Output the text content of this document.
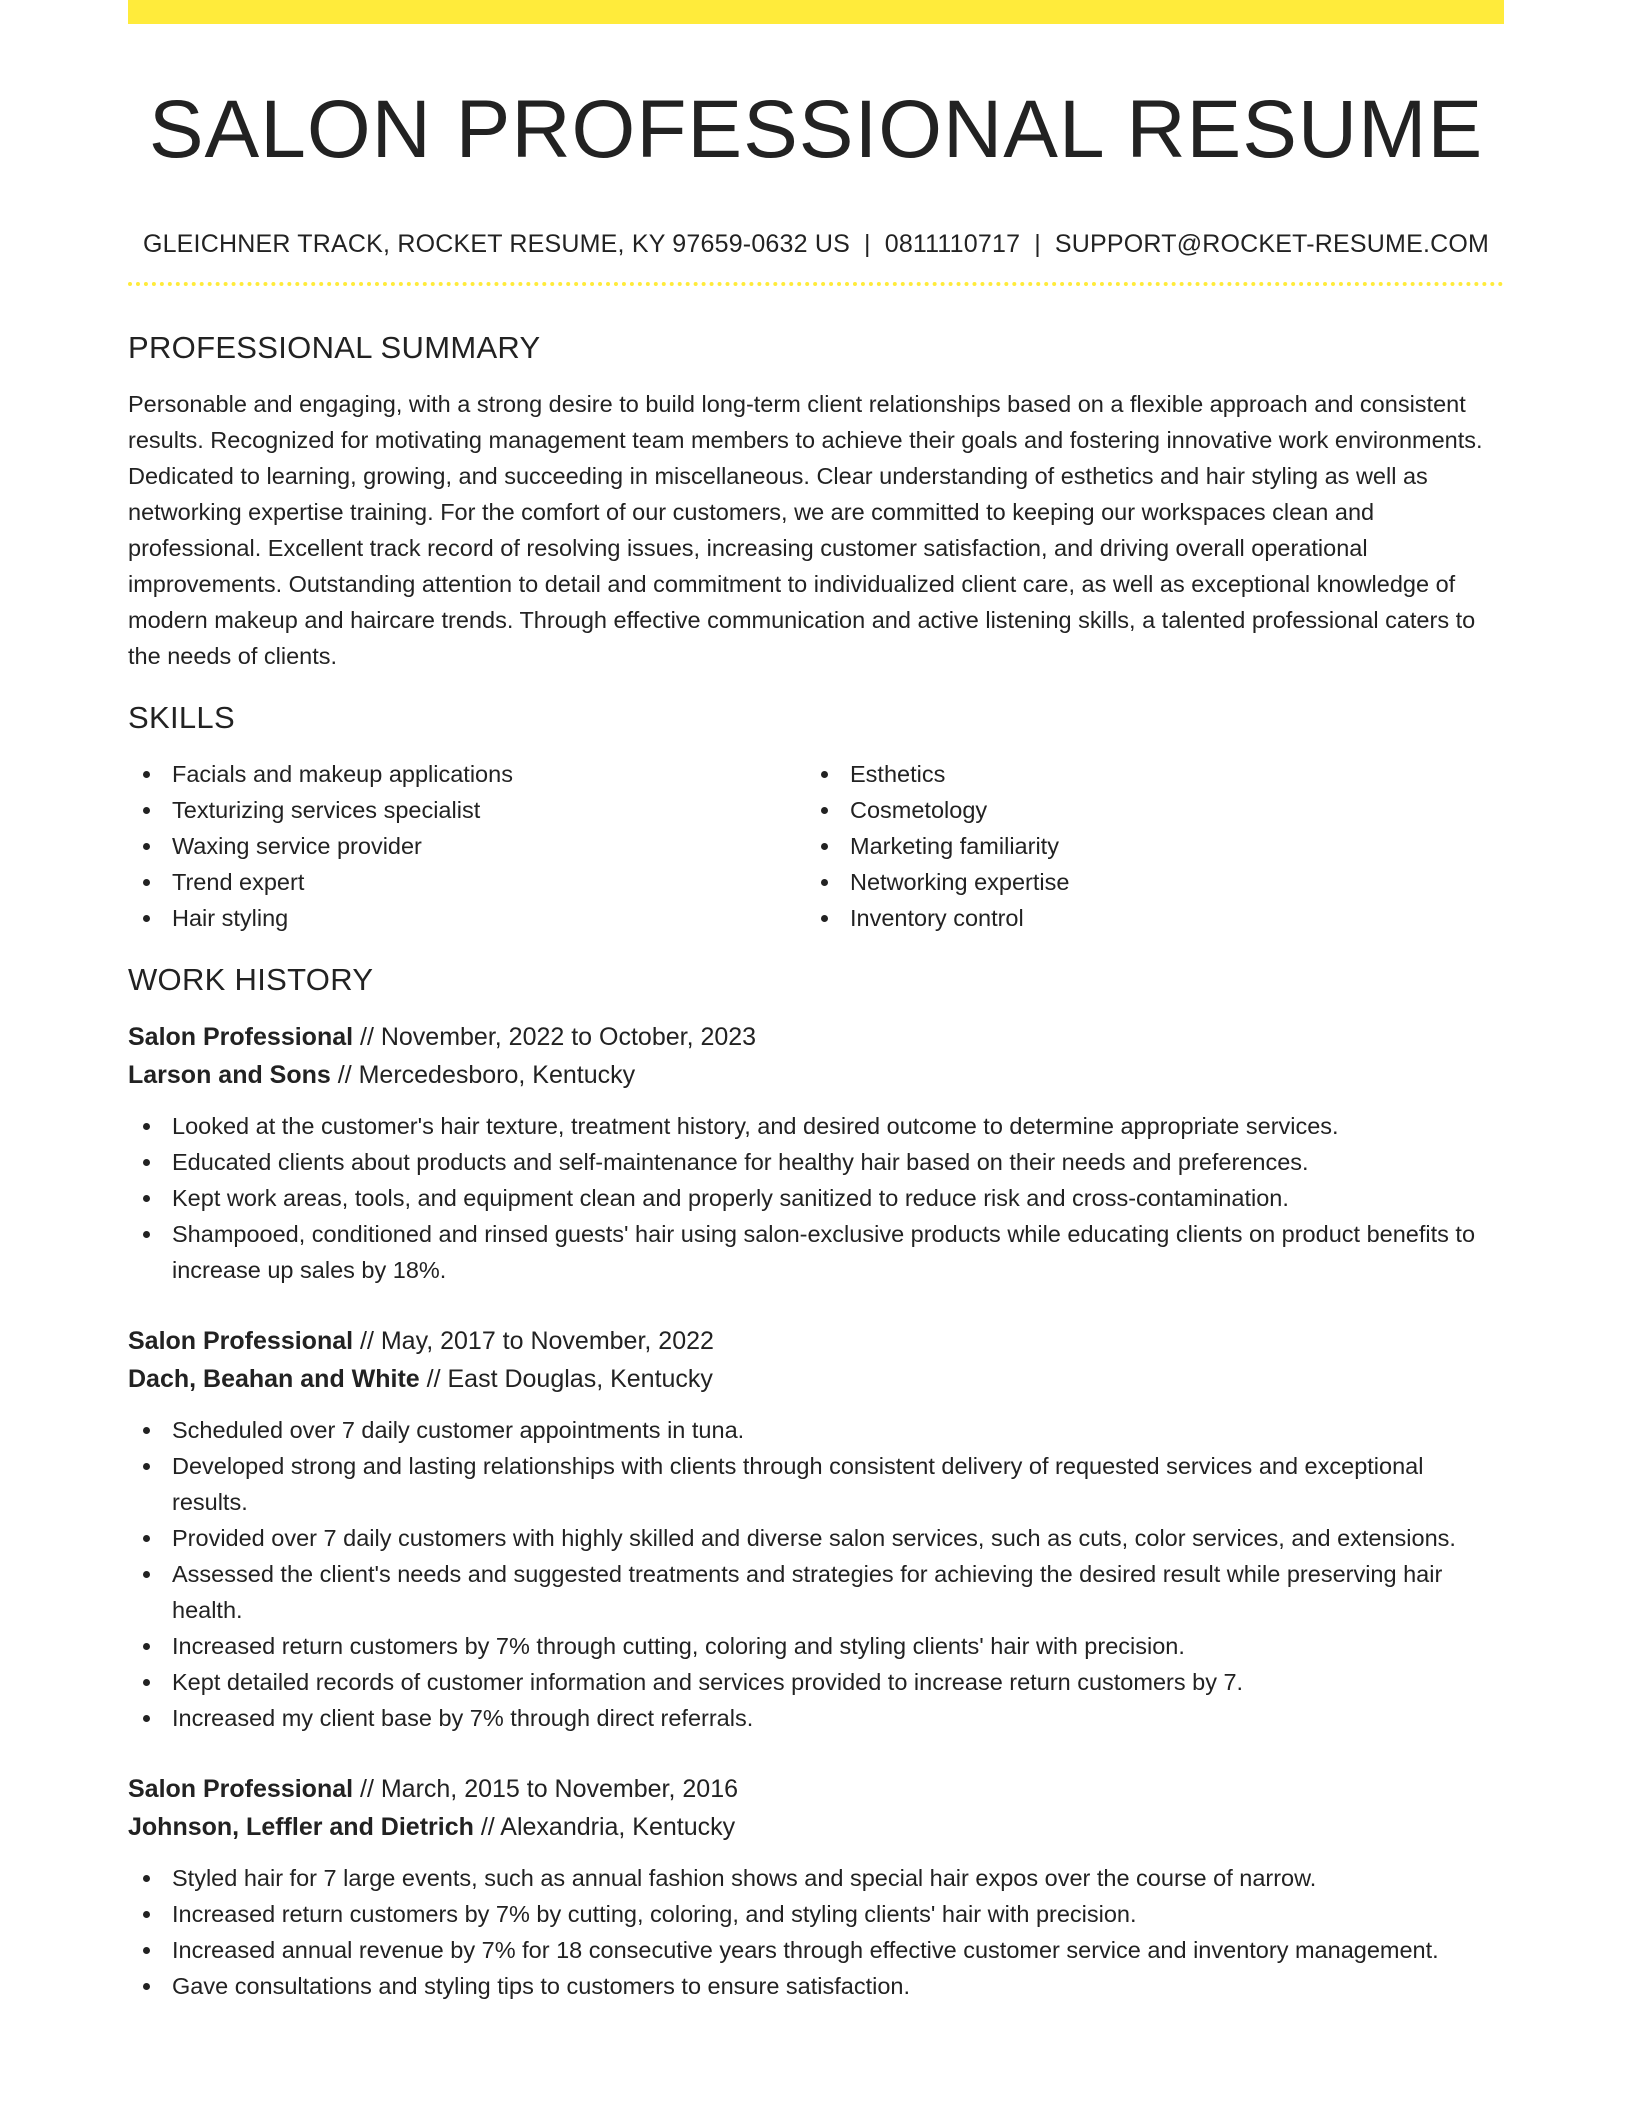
SALON PROFESSIONAL RESUME
GLEICHNER TRACK, ROCKET RESUME, KY 97659-0632 US | 0811110717 | SUPPORT@ROCKET-RESUME.COM
PROFESSIONAL SUMMARY

Personable and engaging, with a strong desire to build long-term client relationships based on a flexible approach and consistent results. Recognized for motivating management team members to achieve their goals and fostering innovative work environments. Dedicated to learning, growing, and succeeding in miscellaneous. Clear understanding of esthetics and hair styling as well as networking expertise training. For the comfort of our customers, we are committed to keeping our workspaces clean and professional. Excellent track record of resolving issues, increasing customer satisfaction, and driving overall operational improvements. Outstanding attention to detail and commitment to individualized client care, as well as exceptional knowledge of modern makeup and haircare trends. Through effective communication and active listening skills, a talented professional caters to the needs of clients.

SKILLS
Facials and makeup applications
Texturizing services specialist
Waxing service provider
Trend expert
Hair styling
Esthetics
Cosmetology
Marketing familiarity
Networking expertise
Inventory control
WORK HISTORY
Salon Professional // November, 2022 to October, 2023
Larson and Sons // Mercedesboro, Kentucky
Looked at the customer's hair texture, treatment history, and desired outcome to determine appropriate services.
Educated clients about products and self-maintenance for healthy hair based on their needs and preferences.
Kept work areas, tools, and equipment clean and properly sanitized to reduce risk and cross-contamination.
Shampooed, conditioned and rinsed guests' hair using salon-exclusive products while educating clients on product benefits to increase up sales by 18%.
Salon Professional // May, 2017 to November, 2022
Dach, Beahan and White // East Douglas, Kentucky
Scheduled over 7 daily customer appointments in tuna.
Developed strong and lasting relationships with clients through consistent delivery of requested services and exceptional results.
Provided over 7 daily customers with highly skilled and diverse salon services, such as cuts, color services, and extensions.
Assessed the client's needs and suggested treatments and strategies for achieving the desired result while preserving hair health.
Increased return customers by 7% through cutting, coloring and styling clients' hair with precision.
Kept detailed records of customer information and services provided to increase return customers by 7.
Increased my client base by 7% through direct referrals.
Salon Professional // March, 2015 to November, 2016
Johnson, Leffler and Dietrich // Alexandria, Kentucky
Styled hair for 7 large events, such as annual fashion shows and special hair expos over the course of narrow.
Increased return customers by 7% by cutting, coloring, and styling clients' hair with precision.
Increased annual revenue by 7% for 18 consecutive years through effective customer service and inventory management.
Gave consultations and styling tips to customers to ensure satisfaction.
